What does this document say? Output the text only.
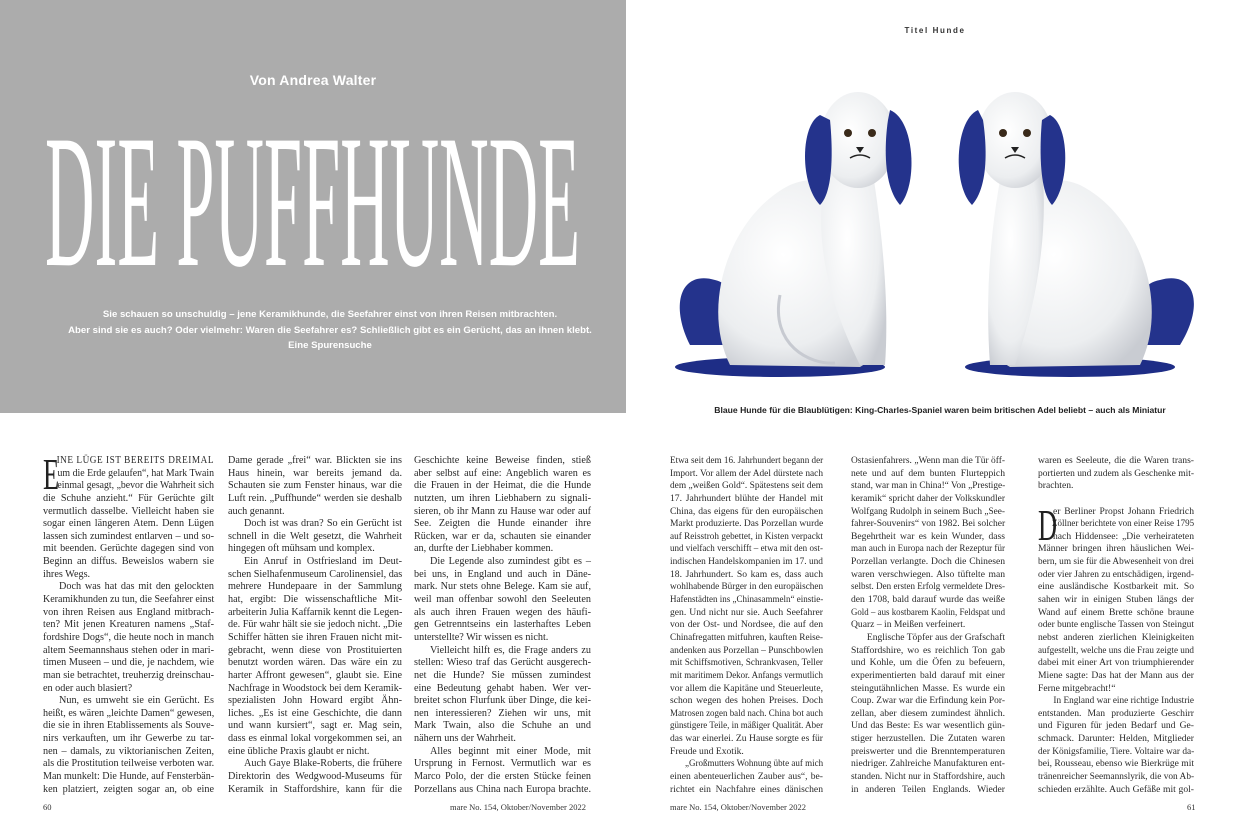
Von Andrea Walter
DIE PUFFHUNDE
Sie schauen so unschuldig – jene Keramikhunde, die Seefahrer einst von ihren Reisen mitbrachten.
Aber sind sie es auch? Oder vielmehr: Waren die Seefahrer es? Schließlich gibt es ein Gerücht, das an ihnen klebt.
Eine Spurensuche
Titel Hunde
Blaue Hunde für die Blaublütigen: King-Charles-Spaniel waren beim britischen Adel beliebt – auch als Miniatur
INE LÜGE IST BEREITS DREIMAL
um die Erde gelaufen“, hat Mark Twain
einmal gesagt, „bevor die Wahrheit sich
die Schuhe anzieht.“ Für Gerüchte gilt
vermutlich dasselbe. Vielleicht haben sie
sogar einen längeren Atem. Denn Lügen
lassen sich zumindest entlarven – und so-
mit beenden. Gerüchte dagegen sind von
Beginn an diffus. Beweislos wabern sie
ihres Wegs.
Doch was hat das mit den gelockten
Keramikhunden zu tun, die Seefahrer einst
von ihren Reisen aus England mitbrach-
ten? Mit jenen Kreaturen namens „Staf-
fordshire Dogs“, die heute noch in manch
altem Seemannshaus stehen oder in mari-
timen Museen – und die, je nachdem, wie
man sie betrachtet, treuherzig dreinschau-
en oder auch blasiert?
Nun, es umweht sie ein Gerücht. Es
heißt, es wären „leichte Damen“ gewesen,
die sie in ihren Etablissements als Souve-
nirs verkauften, um ihr Gewerbe zu tar-
nen – damals, zu viktorianischen Zeiten,
als die Prostitution teilweise verboten war.
Man munkelt: Die Hunde, auf Fensterbän-
ken platziert, zeigten sogar an, ob eine
E	Dame gerade „frei“ war. Blickten sie ins
Haus hinein, war bereits jemand da.
Schauten sie zum Fenster hinaus, war die
Luft rein. „Puffhunde“ werden sie deshalb
auch genannt.
Doch ist was dran? So ein Gerücht ist
schnell in die Welt gesetzt, die Wahrheit
hingegen oft mühsam und komplex.
Ein Anruf in Ostfriesland im Deut-
schen Sielhafenmuseum Carolinensiel, das
mehrere Hundepaare in der Sammlung
hat, ergibt: Die wissenschaftliche Mit-
arbeiterin Julia Kaffarnik kennt die Legen-
de. Für wahr hält sie sie jedoch nicht. „Die
Schiffer hätten sie ihren Frauen nicht mit-
gebracht, wenn diese von Prostituierten
benutzt worden wären. Das wäre ein zu
harter Affront gewesen“, glaubt sie. Eine
Nachfrage in Woodstock bei dem Keramik-
spezialisten John Howard ergibt Ähn-
liches. „Es ist eine Geschichte, die dann
und wann kursiert“, sagt er. Mag sein,
dass es einmal lokal vorgekommen sei, an
eine übliche Praxis glaubt er nicht.
Auch Gaye Blake-Roberts, die frühere
Direktorin des Wedgwood-Museums für
Keramik in Staffordshire, kann für die
Geschichte keine Beweise finden, stieß
aber selbst auf eine: Angeblich waren es
die Frauen in der Heimat, die die Hunde
nutzten, um ihren Liebhabern zu signali-
sieren, ob ihr Mann zu Hause war oder auf
See. Zeigten die Hunde einander ihre
Rücken, war er da, schauten sie einander
an, durfte der Liebhaber kommen.
Die Legende also zumindest gibt es –
bei uns, in England und auch in Däne-
mark. Nur stets ohne Belege. Kam sie auf,
weil man offenbar sowohl den Seeleuten
als auch ihren Frauen wegen des häufi-
gen Getrenntseins ein lasterhaftes Leben
unterstellte? Wir wissen es nicht.
Vielleicht hilft es, die Frage anders zu
stellen: Wieso traf das Gerücht ausgerech-
net die Hunde? Sie müssen zumindest
eine Bedeutung gehabt haben. Wer ver-
breitet schon Flurfunk über Dinge, die kei-
nen interessieren? Ziehen wir uns, mit
Mark Twain, also die Schuhe an und
nähern uns der Wahrheit.
Alles beginnt mit einer Mode, mit
Ursprung in Fernost. Vermutlich war es
Marco Polo, der die ersten Stücke feinen
Porzellans aus China nach Europa brachte.
Etwa seit dem 16. Jahrhundert begann der
Import. Vor allem der Adel dürstete nach
dem „weißen Gold“. Spätestens seit dem
17. Jahrhundert blühte der Handel mit
China, das eigens für den europäischen
Markt produzierte. Das Porzellan wurde
auf Reisstroh gebettet, in Kisten verpackt
und vielfach verschifft – etwa mit den ost-
indischen Handelskompanien im 17. und
18. Jahrhundert. So kam es, dass auch
wohlhabende Bürger in den europäischen
Hafenstädten ins „Chinasammeln“ einstie-
gen. Und nicht nur sie. Auch Seefahrer
von der Ost- und Nordsee, die auf den
Chinafregatten mitfuhren, kauften Reise-
andenken aus Porzellan – Punschbowlen
mit Schiffsmotiven, Schrankvasen, Teller
mit maritimem Dekor. Anfangs vermutlich
vor allem die Kapitäne und Steuerleute,
schon wegen des hohen Preises. Doch
Matrosen zogen bald nach. China bot auch
günstigere Teile, in mäßiger Qualität. Aber
das war einerlei. Zu Hause sorgte es für
Freude und Exotik.
„Großmutters Wohnung übte auf mich
einen abenteuerlichen Zauber aus“, be-
richtet ein Nachfahre eines dänischen
Ostasienfahrers. „Wenn man die Tür öff-
nete und auf dem bunten Flurteppich
stand, war man in China!“ Von „Prestige-
keramik“ spricht daher der Volkskundler
Wolfgang Rudolph in seinem Buch „See-
fahrer-Souvenirs“ von 1982. Bei solcher
Begehrtheit war es kein Wunder, dass
man auch in Europa nach der Rezeptur für
Porzellan verlangte. Doch die Chinesen
waren verschwiegen. Also tüftelte man
selbst. Den ersten Erfolg vermeldete Dres-
den 1708, bald darauf wurde das weiße
Gold – aus kostbarem Kaolin, Feldspat und
Quarz – in Meißen verfeinert.
Englische Töpfer aus der Grafschaft
Staffordshire, wo es reichlich Ton gab
und Kohle, um die Öfen zu befeuern,
experimentierten bald darauf mit einer
steingutähnlichen Masse. Es wurde ein
Coup. Zwar war die Erfindung kein Por-
zellan, aber diesem zumindest ähnlich.
Und das Beste: Es war wesentlich gün-
stiger herzustellen. Die Zutaten waren
preiswerter und die Brenntemperaturen
niedriger. Zahlreiche Manufakturen ent-
standen. Nicht nur in Staffordshire, auch
in anderen Teilen Englands. Wieder
waren es Seeleute, die die Waren trans-
portierten und zudem als Geschenke mit-
brachten.
er Berliner Propst Johann Friedrich
Zöllner berichtete von einer Reise 1795
nach Hiddensee: „Die verheirateten
Männer bringen ihren häuslichen Wei-
bern, um sie für die Abwesenheit von drei
oder vier Jahren zu entschädigen, irgend-
eine ausländische Kostbarkeit mit. So
sahen wir in einigen Stuben längs der
Wand auf einem Brette schöne braune
oder bunte englische Tassen von Steingut
nebst anderen zierlichen Kleinigkeiten
aufgestellt, welche uns die Frau zeigte und
dabei mit einer Art von triumphierender
Miene sagte: Das hat der Mann aus der
Ferne mitgebracht!“
In England war eine richtige Industrie
entstanden. Man produzierte Geschirr
und Figuren für jeden Bedarf und Ge-
schmack. Darunter: Helden, Mitglieder
der Königsfamilie, Tiere. Voltaire war da-
bei, Rousseau, ebenso wie Bierkrüge mit
tränenreicher Seemannslyrik, die von Ab-
schieden erzählte. Auch Gefäße mit gol-
D
60	mare No. 154, Oktober/November 2022	mare No. 154, Oktober/November 2022	61
